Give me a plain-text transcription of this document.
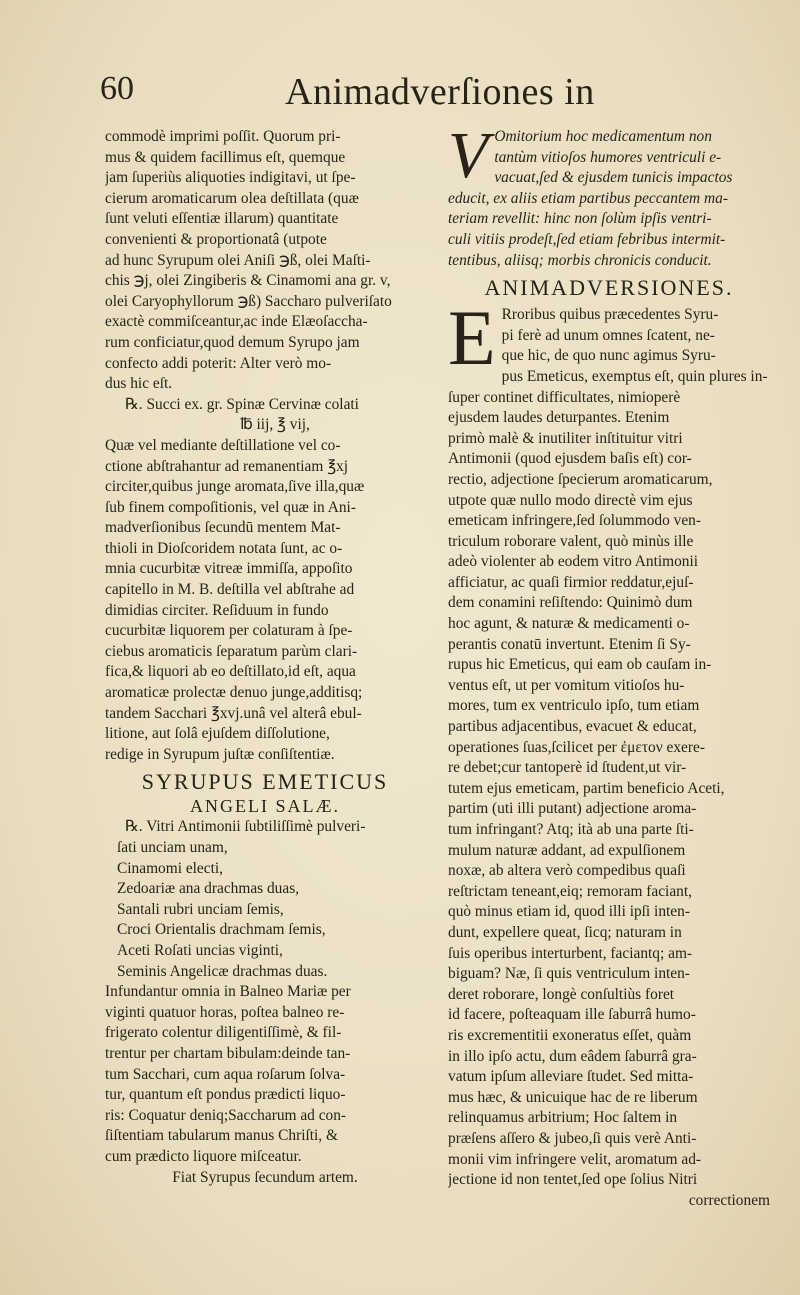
60	Animadverſiones in
commodè imprimi poſſit. Quorum pri-
mus & quidem facillimus eſt, quemque
jam ſuperiùs aliquoties indigitavi, ut ſpe-
cierum aromaticarum olea deſtillata (quæ
ſunt veluti eſſentiæ illarum) quantitate
convenienti & proportionatâ (utpote
ad hunc Syrupum olei Aniſi ℈ß, olei Maſti-
chis ℈j, olei Zingiberis & Cinamomi ana gr. v,
olei Caryophyllorum ℈ß) Saccharo pulveriſato
exactè commiſceantur,ac inde Elæoſaccha-
rum conficiatur,quod demum Syrupo jam
confecto addi poterit: Alter verò mo-
dus hic eſt.
℞. Succi ex. gr. Spinæ Cervinæ colati
℔ iij, ℥ vij,
Quæ vel mediante deſtillatione vel co-
ctione abſtrahantur ad remanentiam ℥xj
circiter,quibus junge aromata,ſive illa,quæ
ſub finem compoſitionis, vel quæ in Ani-
madverſionibus ſecundū mentem Mat-
thioli in Dioſcoridem notata ſunt, ac o-
mnia cucurbitæ vitreæ immiſſa, appoſito
capitello in M. B. deſtilla vel abſtrahe ad
dimidias circiter. Reſiduum in fundo
cucurbitæ liquorem per colaturam à ſpe-
ciebus aromaticis ſeparatum parùm clari-
fica,& liquori ab eo deſtillato,id eſt, aqua
aromaticæ prolectæ denuo junge,additisq;
tandem Sacchari ℥xvj.unâ vel alterâ ebul-
litione, aut ſolâ ejuſdem diſſolutione,
redige in Syrupum juſtæ conſiſtentiæ.
SYRUPUS EMETICUS
ANGELI SALÆ.
℞. Vitri Antimonii ſubtiliſſimè pulveri-
ſati unciam unam,
Cinamomi electi,
Zedoariæ ana drachmas duas,
Santali rubri unciam ſemis,
Croci Orientalis drachmam ſemis,
Aceti Roſati uncias viginti,
Seminis Angelicæ drachmas duas.
Infundantur omnia in Balneo Mariæ per
viginti quatuor horas, poſtea balneo re-
frigerato colentur diligentiſſimè, & fil-
trentur per chartam bibulam:deinde tan-
tum Sacchari, cum aqua roſarum ſolva-
tur, quantum eſt pondus prædicti liquo-
ris: Coquatur deniq;Saccharum ad con-
ſiſtentiam tabularum manus Chriſti, &
cum prædicto liquore miſceatur.
Fiat Syrupus ſecundum artem.
V Omitorium hoc medicamentum non
tantùm vitioſos humores ventriculi e-
vacuat,ſed & ejusdem tunicis impactos
educit, ex aliis etiam partibus peccantem ma-
teriam revellit: hinc non ſolùm ipſis ventri-
culi vitiis prodeſt,ſed etiam febribus intermit-
tentibus, aliisq; morbis chronicis conducit.
ANIMADVERSIONES.
E Rroribus quibus præcedentes Syru-
pi ferè ad unum omnes ſcatent, ne-
que hic, de quo nunc agimus Syru-
pus Emeticus, exemptus eſt, quin plures in-
ſuper continet difficultates, nimioperè
ejusdem laudes deturpantes. Etenim
primò malè & inutiliter inſtituitur vitri
Antimonii (quod ejusdem baſis eſt) cor-
rectio, adjectione ſpecierum aromaticarum,
utpote quæ nullo modo directè vim ejus
emeticam infringere,ſed ſolummodo ven-
triculum roborare valent, quò minùs ille
adeò violenter ab eodem vitro Antimonii
afficiatur, ac quaſi firmior reddatur,ejuſ-
dem conamini reſiſtendo: Quinimò dum
hoc agunt, & naturæ & medicamenti o-
perantis conatū invertunt. Etenim ſi Sy-
rupus hic Emeticus, qui eam ob cauſam in-
ventus eſt, ut per vomitum vitioſos hu-
mores, tum ex ventriculo ipſo, tum etiam
partibus adjacentibus, evacuet & educat,
operationes ſuas,ſcilicet per ἐμετον exere-
re debet;cur tantoperè id ſtudent,ut vir-
tutem ejus emeticam, partim beneficio Aceti,
partim (uti illi putant) adjectione aroma-
tum infringant? Atq; ità ab una parte ſti-
mulum naturæ addant, ad expulſionem
noxæ, ab altera verò compedibus quaſi
reſtrictam teneant,eiq; remoram faciant,
quò minus etiam id, quod illi ipſi inten-
dunt, expellere queat, ſicq; naturam in
ſuis operibus interturbent, faciantq; am-
biguam? Næ, ſi quis ventriculum inten-
deret roborare, longè conſultiùs foret
id facere, poſteaquam ille ſaburrâ humo-
ris excrementitii exoneratus eſſet, quàm
in illo ipſo actu, dum eâdem ſaburrâ gra-
vatum ipſum alleviare ſtudet. Sed mitta-
mus hæc, & unicuique hac de re liberum
relinquamus arbitrium; Hoc ſaltem in
præſens aſſero & jubeo,ſi quis verè Anti-
monii vim infringere velit, aromatum ad-
jectione id non tentet,ſed ope ſolius Nitri
correctionem
